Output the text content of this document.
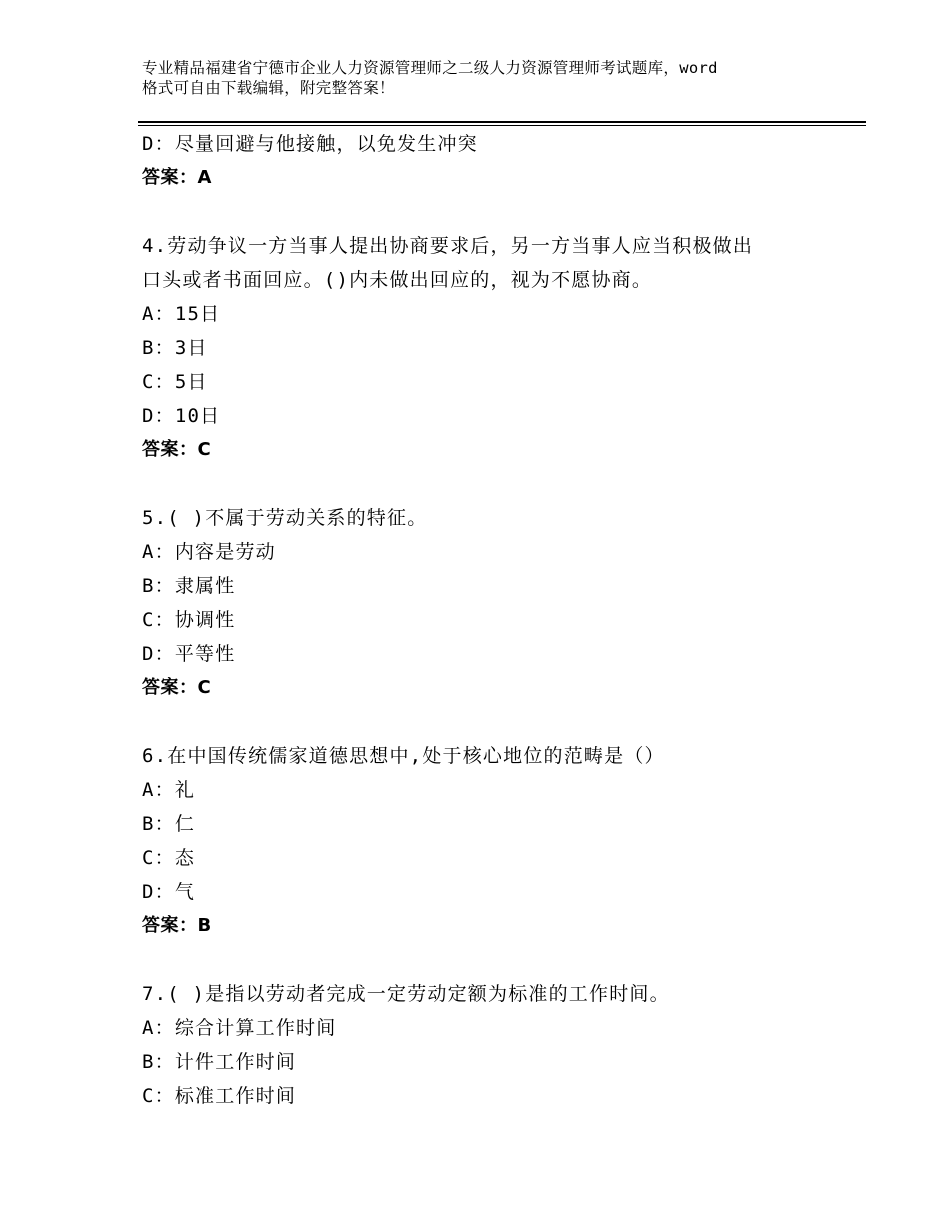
专业精品福建省宁德市企业人力资源管理师之二级人力资源管理师考试题库，word
格式可自由下载编辑，附完整答案！
D：尽量回避与他接触，以免发生冲突
答案：A
4.劳动争议一方当事人提出协商要求后，另一方当事人应当积极做出
口头或者书面回应。()内未做出回应的，视为不愿协商。
A：15日
B：3日
C：5日
D：10日
答案：C
5.( )不属于劳动关系的特征。
A：内容是劳动
B：隶属性
C：协调性
D：平等性
答案：C
6.在中国传统儒家道德思想中,处于核心地位的范畴是（）
A：礼
B：仁
C：态
D：气
答案：B
7.( )是指以劳动者完成一定劳动定额为标准的工作时间。
A：综合计算工作时间
B：计件工作时间
C：标准工作时间
